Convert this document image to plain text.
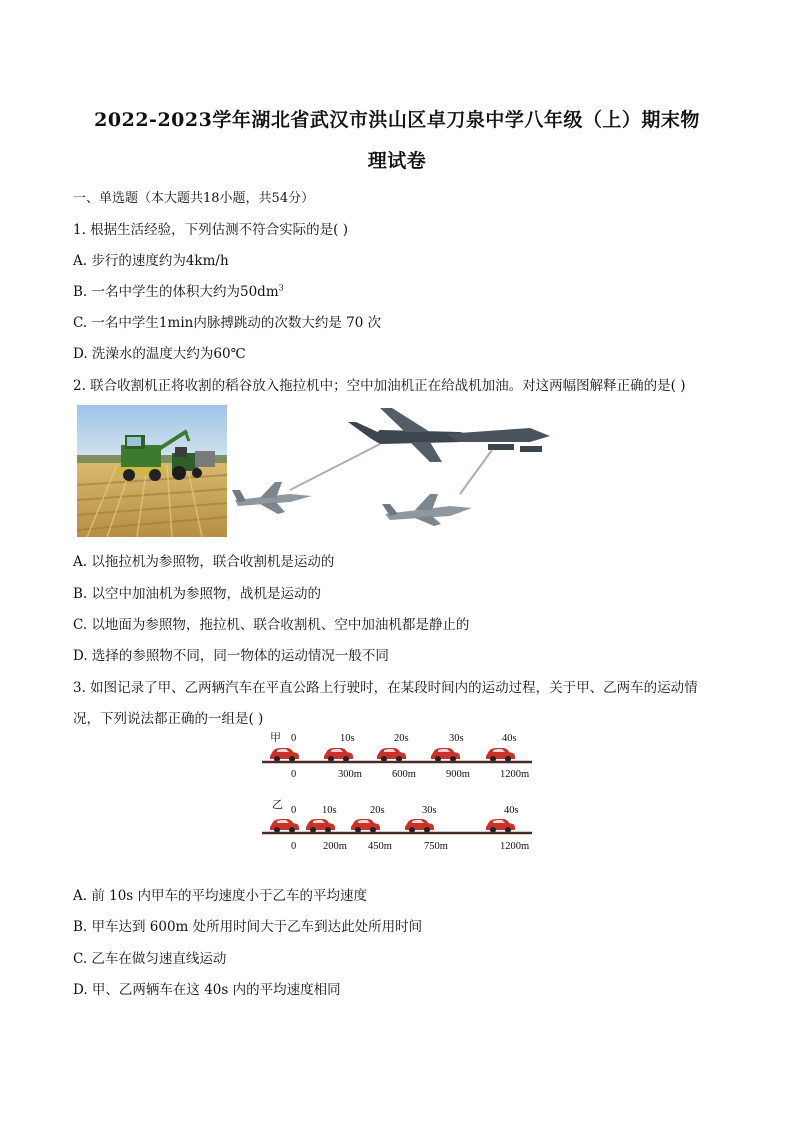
2022-2023学年湖北省武汉市洪山区卓刀泉中学八年级（上）期末物
理试卷
一、单选题（本大题共18小题，共54分）
1. 根据生活经验，下列估测不符合实际的是( )
A. 步行的速度约为4km/h
B. 一名中学生的体积大约为$50dm^3$
C. 一名中学生1min内脉搏跳动的次数大约是 70 次
D. 洗澡水的温度大约为60℃
2. 联合收割机正将收割的稻谷放入拖拉机中；空中加油机正在给战机加油。对这两幅图解释正确的是( )
A. 以拖拉机为参照物，联合收割机是运动的
B. 以空中加油机为参照物，战机是运动的
C. 以地面为参照物，拖拉机、联合收割机、空中加油机都是静止的
D. 选择的参照物不同，同一物体的运动情况一般不同
3. 如图记录了甲、乙两辆汽车在平直公路上行驶时，在某段时间内的运动过程，关于甲、乙两车的运动情
况，下列说法都正确的一组是( )
甲 0	10s	20s	30s	40s
0	300m	600m	900m	1200m
乙 0 10s	20s	30s	40s
0	200m 450m	750m	1200m
A. 前 10s 内甲车的平均速度小于乙车的平均速度
B. 甲车达到 600m 处所用时间大于乙车到达此处所用时间
C. 乙车在做匀速直线运动
D. 甲、乙两辆车在这 40s 内的平均速度相同
